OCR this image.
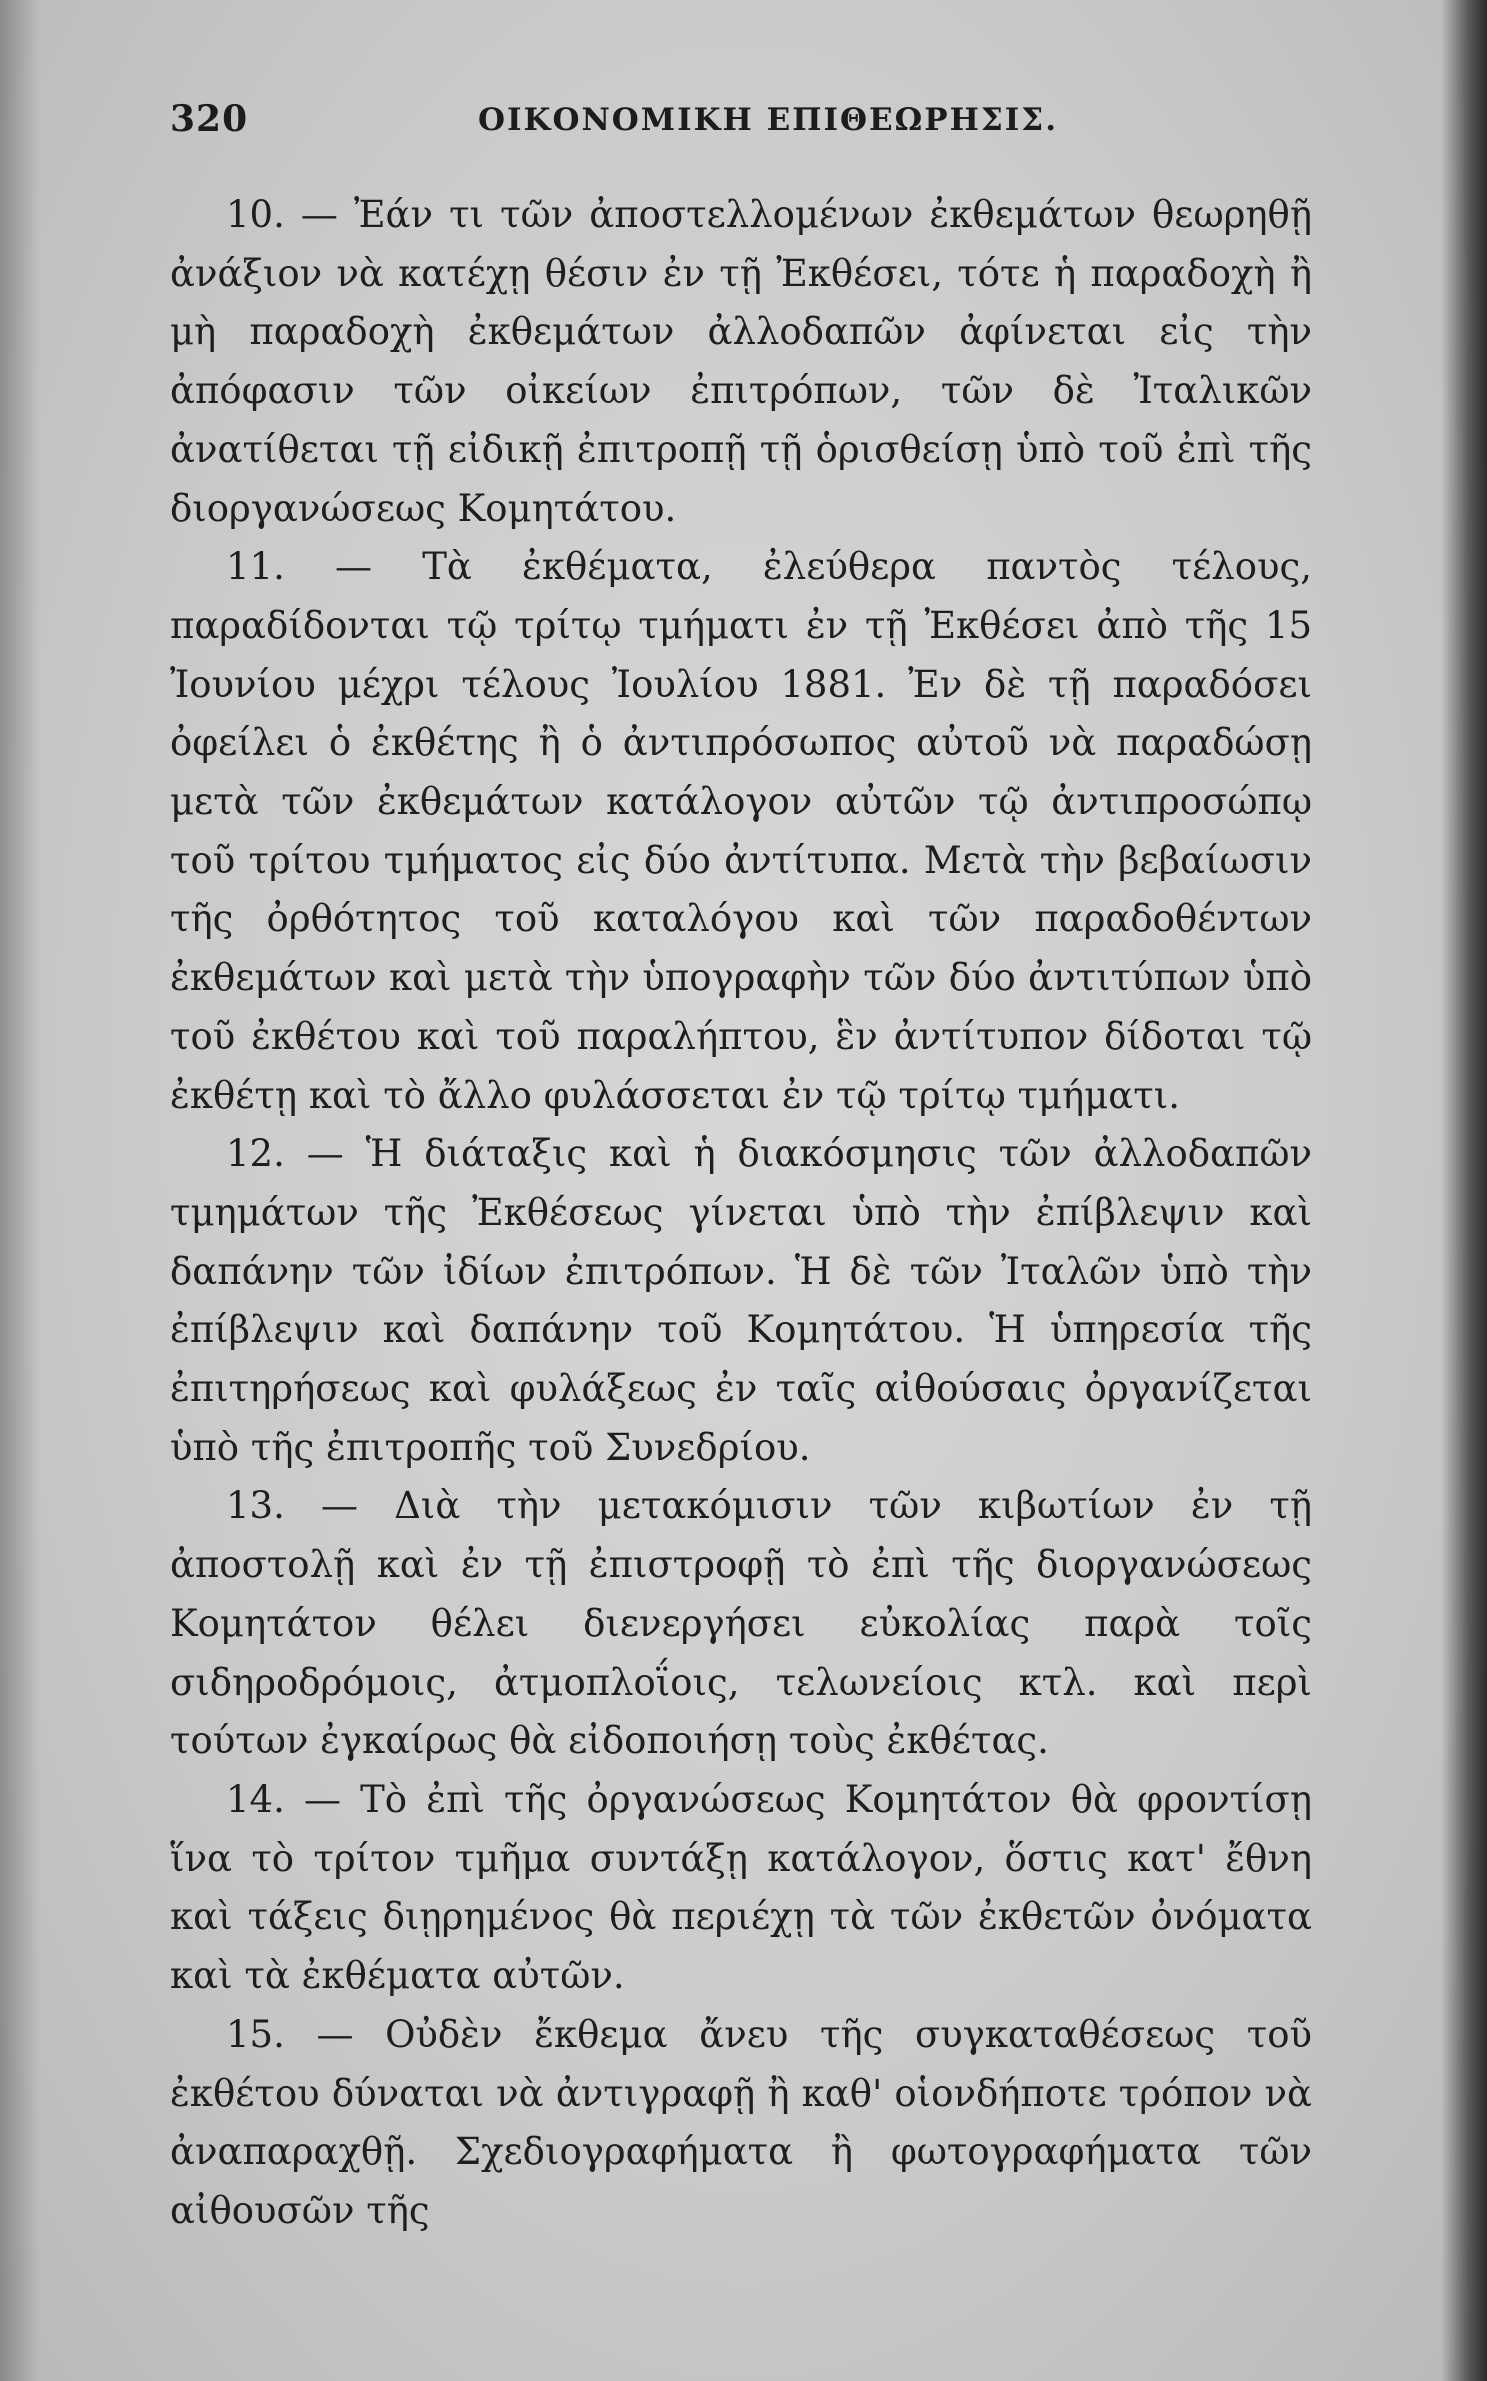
320	ΟΙΚΟΝΟΜΙΚΗ ΕΠΙΘΕΩΡΗΣΙΣ.

10. — Ἐάν τι τῶν ἀποστελλομένων ἐκθεμάτων θεωρηθῇ ἀνάξιον νὰ κατέχῃ θέσιν ἐν τῇ Ἐκθέσει, τότε ἡ παραδοχὴ ἢ μὴ παραδοχὴ ἐκθεμάτων ἀλλοδαπῶν ἀφίνεται εἰς τὴν ἀπόφασιν τῶν οἰκείων ἐπιτρόπων, τῶν δὲ Ἰταλικῶν ἀνατίθεται τῇ εἰδικῇ ἐπιτροπῇ τῇ ὁρισθείσῃ ὑπὸ τοῦ ἐπὶ τῆς διοργανώσεως Κομητάτου.

11. — Τὰ ἐκθέματα, ἐλεύθερα παντὸς τέλους, παραδίδονται τῷ τρίτῳ τμήματι ἐν τῇ Ἐκθέσει ἀπὸ τῆς 15 Ἰουνίου μέχρι τέλους Ἰουλίου 1881. Ἐν δὲ τῇ παραδόσει ὀφείλει ὁ ἐκθέτης ἢ ὁ ἀντιπρόσωπος αὐτοῦ νὰ παραδώσῃ μετὰ τῶν ἐκθεμάτων κατάλογον αὐτῶν τῷ ἀντιπροσώπῳ τοῦ τρίτου τμήματος εἰς δύο ἀντίτυπα. Μετὰ τὴν βεβαίωσιν τῆς ὀρθότητος τοῦ καταλόγου καὶ τῶν παραδοθέντων ἐκθεμάτων καὶ μετὰ τὴν ὑπογραφὴν τῶν δύο ἀντιτύπων ὑπὸ τοῦ ἐκθέτου καὶ τοῦ παραλήπτου, ἓν ἀντίτυπον δίδοται τῷ ἐκθέτῃ καὶ τὸ ἄλλο φυλάσσεται ἐν τῷ τρίτῳ τμήματι.

12. — Ἡ διάταξις καὶ ἡ διακόσμησις τῶν ἀλλοδαπῶν τμημάτων τῆς Ἐκθέσεως γίνεται ὑπὸ τὴν ἐπίβλεψιν καὶ δαπάνην τῶν ἰδίων ἐπιτρόπων. Ἡ δὲ τῶν Ἰταλῶν ὑπὸ τὴν ἐπίβλεψιν καὶ δαπάνην τοῦ Κομητάτου. Ἡ ὑπηρεσία τῆς ἐπιτηρήσεως καὶ φυλάξεως ἐν ταῖς αἰθούσαις ὀργανίζεται ὑπὸ τῆς ἐπιτροπῆς τοῦ Συνεδρίου.

13. — Διὰ τὴν μετακόμισιν τῶν κιβωτίων ἐν τῇ ἀποστολῇ καὶ ἐν τῇ ἐπιστροφῇ τὸ ἐπὶ τῆς διοργανώσεως Κομητάτον θέλει διενεργήσει εὐκολίας παρὰ τοῖς σιδηροδρόμοις, ἀτμοπλοΐοις, τελωνείοις κτλ. καὶ περὶ τούτων ἐγκαίρως θὰ εἰδοποιήσῃ τοὺς ἐκθέτας.

14. — Τὸ ἐπὶ τῆς ὀργανώσεως Κομητάτον θὰ φροντίσῃ ἵνα τὸ τρίτον τμῆμα συντάξῃ κατάλογον, ὅστις κατ' ἔθνη καὶ τάξεις διῃρημένος θὰ περιέχῃ τὰ τῶν ἐκθετῶν ὀνόματα καὶ τὰ ἐκθέματα αὐτῶν.

15. — Οὐδὲν ἔκθεμα ἄνευ τῆς συγκαταθέσεως τοῦ ἐκθέτου δύναται νὰ ἀντιγραφῇ ἢ καθ' οἱονδήποτε τρόπον νὰ ἀναπαραχθῇ. Σχεδιογραφήματα ἢ φωτογραφήματα τῶν αἰθουσῶν τῆς
